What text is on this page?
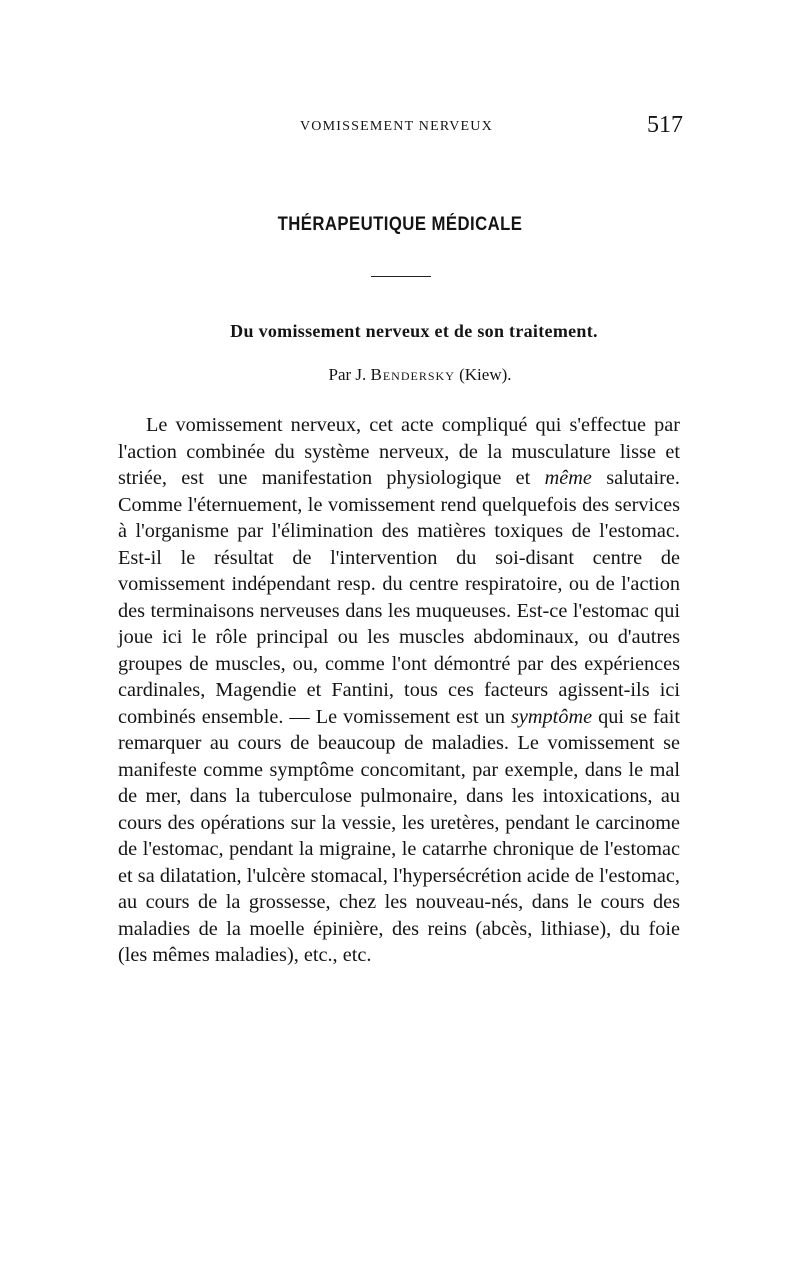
VOMISSEMENT NERVEUX	517
THÉRAPEUTIQUE MÉDICALE
Du vomissement nerveux et de son traitement.
Par J. Bendersky (Kiew).

Le vomissement nerveux, cet acte compliqué qui s'effectue par l'action combinée du système nerveux, de la musculature lisse et striée, est une manifestation physiologique et même salutaire. Comme l'éternuement, le vomissement rend quelquefois des services à l'organisme par l'élimination des matières toxiques de l'estomac. Est-il le résultat de l'intervention du soi-disant centre de vomissement indépendant resp. du centre respiratoire, ou de l'action des terminaisons nerveuses dans les muqueuses. Est-ce l'estomac qui joue ici le rôle principal ou les muscles abdominaux, ou d'autres groupes de muscles, ou, comme l'ont démontré par des expériences cardinales, Magendie et Fantini, tous ces facteurs agissent-ils ici combinés ensemble. — Le vomissement est un symptôme qui se fait remarquer au cours de beaucoup de maladies. Le vomissement se manifeste comme symptôme concomitant, par exemple, dans le mal de mer, dans la tuberculose pulmonaire, dans les intoxications, au cours des opérations sur la vessie, les uretères, pendant le carcinome de l'estomac, pendant la migraine, le catarrhe chronique de l'estomac et sa dilatation, l'ulcère stomacal, l'hypersécrétion acide de l'estomac, au cours de la grossesse, chez les nouveau-nés, dans le cours des maladies de la moelle épinière, des reins (abcès, lithiase), du foie (les mêmes maladies), etc., etc.
